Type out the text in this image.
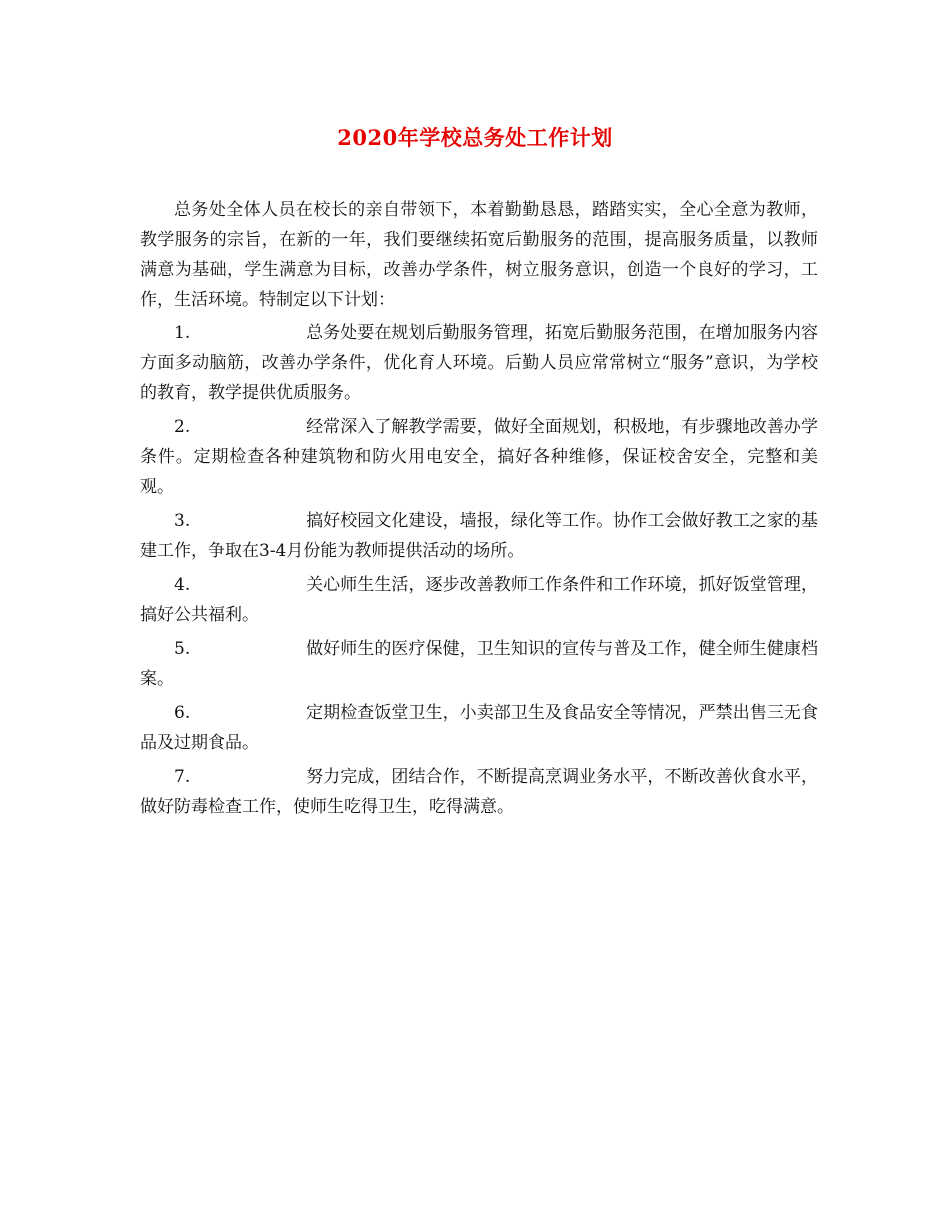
2020年学校总务处工作计划

总务处全体人员在校长的亲自带领下，本着勤勤恳恳，踏踏实实，全心全意为教师，教学服务的宗旨，在新的一年，我们要继续拓宽后勤服务的范围，提高服务质量，以教师满意为基础，学生满意为目标，改善办学条件，树立服务意识，创造一个良好的学习，工作，生活环境。特制定以下计划：

1.	总务处要在规划后勤服务管理，拓宽后勤服务范围，在增加服务内容方面多动脑筋，改善办学条件，优化育人环境。后勤人员应常常树立“服务”意识，为学校的教育，教学提供优质服务。

2.	经常深入了解教学需要，做好全面规划，积极地，有步骤地改善办学条件。定期检查各种建筑物和防火用电安全，搞好各种维修，保证校舍安全，完整和美观。

3.	搞好校园文化建设，墙报，绿化等工作。协作工会做好教工之家的基建工作，争取在3-4月份能为教师提供活动的场所。

4.	关心师生生活，逐步改善教师工作条件和工作环境，抓好饭堂管理，搞好公共福利。

5.	做好师生的医疗保健，卫生知识的宣传与普及工作，健全师生健康档案。

6.	定期检查饭堂卫生，小卖部卫生及食品安全等情况，严禁出售三无食品及过期食品。

7.	努力完成，团结合作，不断提高烹调业务水平，不断改善伙食水平，做好防毒检查工作，使师生吃得卫生，吃得满意。
